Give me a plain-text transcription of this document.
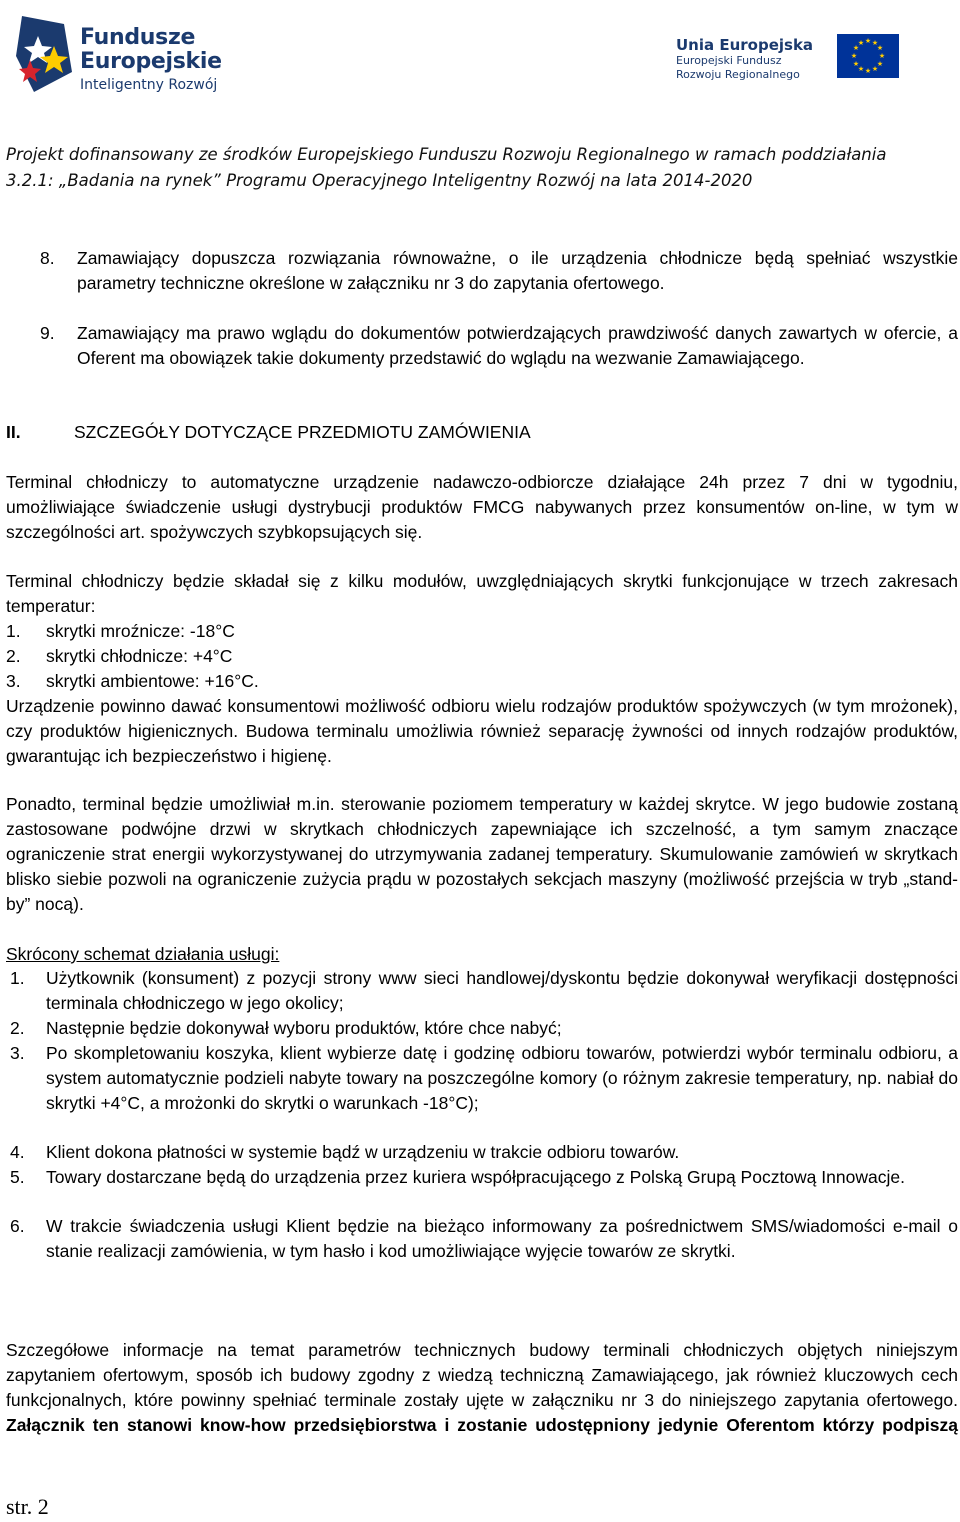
Fundusze
Europejskie
Inteligentny Rozwój
Unia Europejska
Europejski Fundusz
Rozwoju Regionalnego
★ ★
★
★
★
★
★
★
★
★
★
★
Projekt dofinansowany ze środków Europejskiego Funduszu Rozwoju Regionalnego w ramach poddziałania
3.2.1: „Badania na rynek” Programu Operacyjnego Inteligentny Rozwój na lata 2014-2020
8. Zamawiający dopuszcza rozwiązania równoważne, o ile urządzenia chłodnicze będą spełniać wszystkie parametry techniczne określone w załączniku nr 3 do zapytania ofertowego.
9. Zamawiający ma prawo wglądu do dokumentów potwierdzających prawdziwość danych zawartych w ofercie, a Oferent ma obowiązek takie dokumenty przedstawić do wglądu na wezwanie Zamawiającego.
II.	SZCZEGÓŁY DOTYCZĄCE PRZEDMIOTU ZAMÓWIENIA
Terminal chłodniczy to automatyczne urządzenie nadawczo-odbiorcze działające 24h przez 7 dni w tygodniu, umożliwiające świadczenie usługi dystrybucji produktów FMCG nabywanych przez konsumentów on-line, w tym w szczególności art. spożywczych szybkopsujących się.
Terminal chłodniczy będzie składał się z kilku modułów, uwzględniających skrytki funkcjonujące w trzech zakresach temperatur:
1. skrytki mroźnicze: -18°C
2. skrytki chłodnicze: +4°C
3. skrytki ambientowe: +16°C.
Urządzenie powinno dawać konsumentowi możliwość odbioru wielu rodzajów produktów spożywczych (w tym mrożonek), czy produktów higienicznych. Budowa terminalu umożliwia również separację żywności od innych rodzajów produktów, gwarantując ich bezpieczeństwo i higienę.
Ponadto, terminal będzie umożliwiał m.in. sterowanie poziomem temperatury w każdej skrytce. W jego budowie zostaną zastosowane podwójne drzwi w skrytkach chłodniczych zapewniające ich szczelność, a tym samym znaczące ograniczenie strat energii wykorzystywanej do utrzymywania zadanej temperatury. Skumulowanie zamówień w skrytkach blisko siebie pozwoli na ograniczenie zużycia prądu w pozostałych sekcjach maszyny (możliwość przejścia w tryb „stand-by” nocą).
Skrócony schemat działania usługi:
1. Użytkownik (konsument) z pozycji strony www sieci handlowej/dyskontu będzie dokonywał weryfikacji dostępności terminala chłodniczego w jego okolicy;
2. Następnie będzie dokonywał wyboru produktów, które chce nabyć;
3. Po skompletowaniu koszyka, klient wybierze datę i godzinę odbioru towarów, potwierdzi wybór terminalu odbioru, a system automatycznie podzieli nabyte towary na poszczególne komory (o różnym zakresie temperatury, np. nabiał do skrytki +4°C, a mrożonki do skrytki o warunkach -18°C);
4. Klient dokona płatności w systemie bądź w urządzeniu w trakcie odbioru towarów.
5. Towary dostarczane będą do urządzenia przez kuriera współpracującego z Polską Grupą Pocztową Innowacje.
6. W trakcie świadczenia usługi Klient będzie na bieżąco informowany za pośrednictwem SMS/wiadomości e-mail o stanie realizacji zamówienia, w tym hasło i kod umożliwiające wyjęcie towarów ze skrytki.
Szczegółowe informacje na temat parametrów technicznych budowy terminali chłodniczych objętych niniejszym zapytaniem ofertowym, sposób ich budowy zgodny z wiedzą techniczną Zamawiającego, jak również kluczowych cech funkcjonalnych, które powinny spełniać terminale zostały ujęte w załączniku nr 3 do niniejszego zapytania ofertowego. Załącznik ten stanowi know-how przedsiębiorstwa i zostanie udostępniony jedynie Oferentom którzy podpiszą
str. 2
